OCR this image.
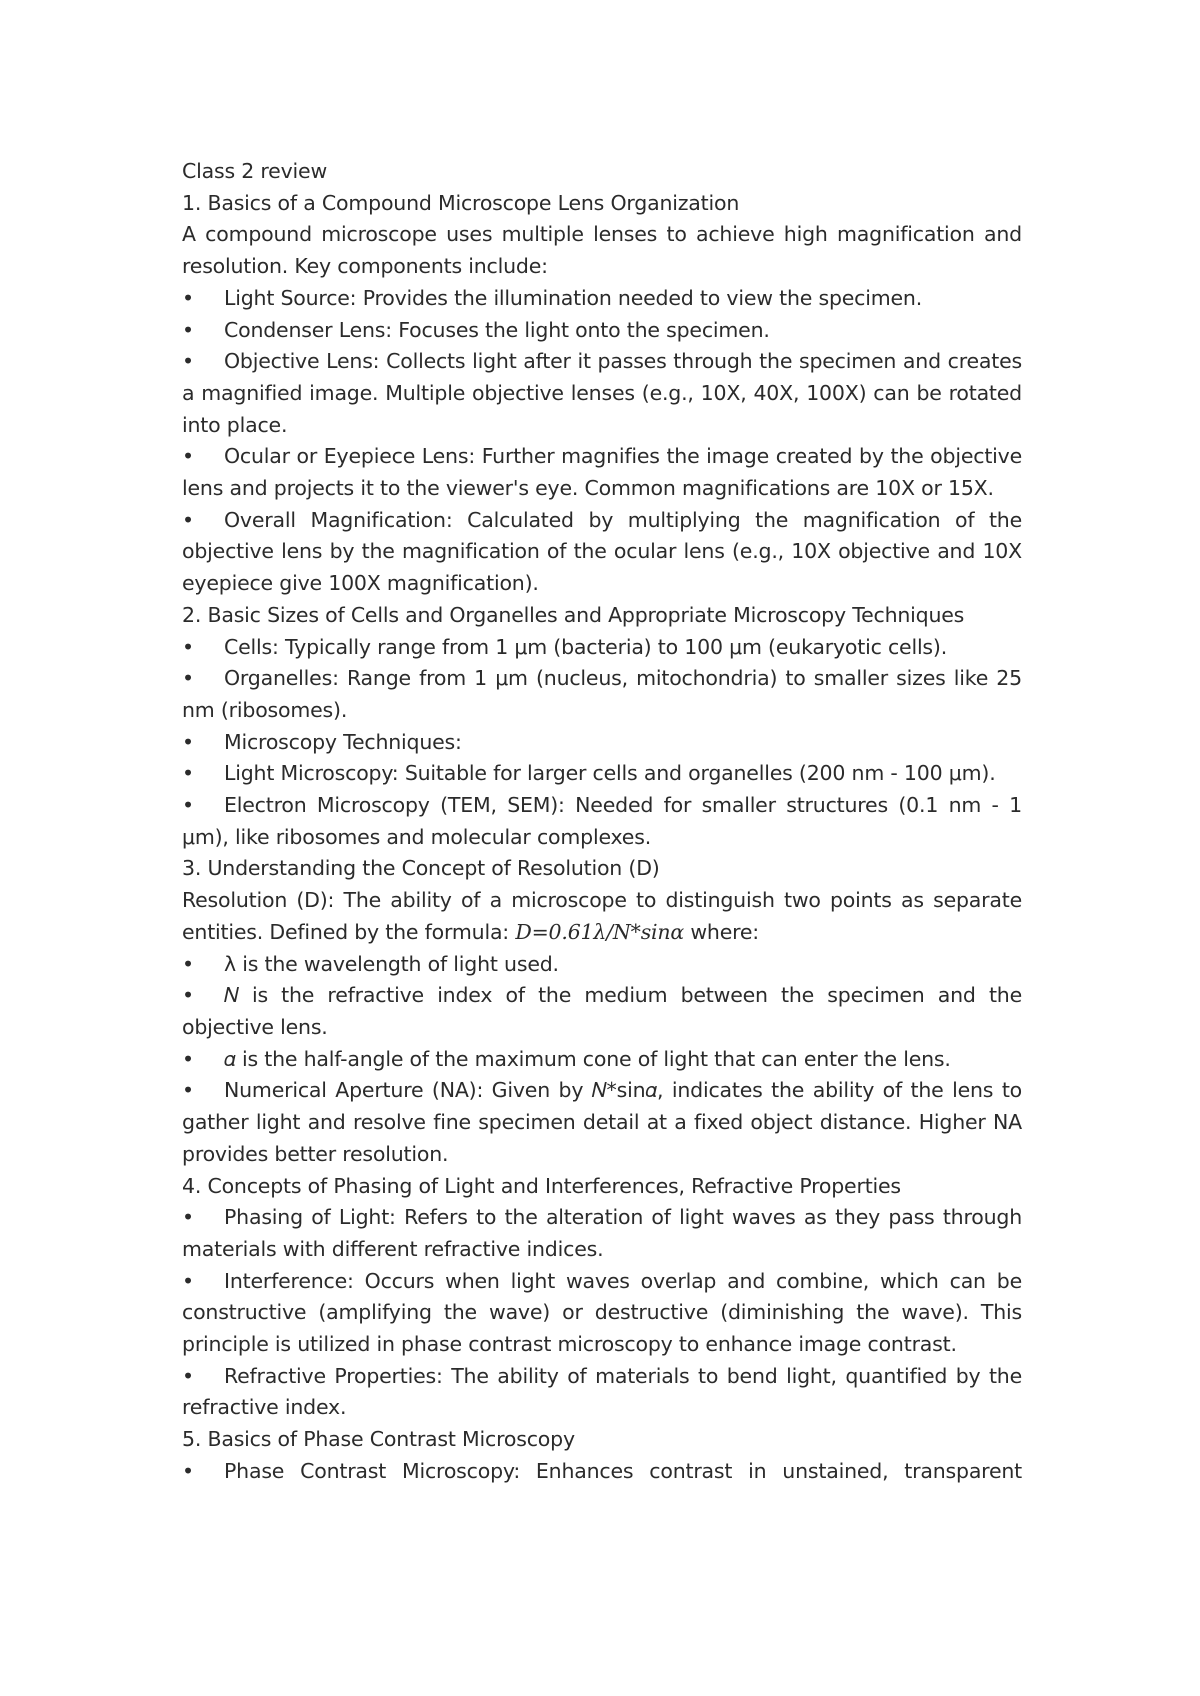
Class 2 review
1. Basics of a Compound Microscope Lens Organization
A compound microscope uses multiple lenses to achieve high magnification and resolution. Key components include:
• Light Source: Provides the illumination needed to view the specimen.
• Condenser Lens: Focuses the light onto the specimen.
• Objective Lens: Collects light after it passes through the specimen and creates a magnified image. Multiple objective lenses (e.g., 10X, 40X, 100X) can be rotated into place.
• Ocular or Eyepiece Lens: Further magnifies the image created by the objective lens and projects it to the viewer's eye. Common magnifications are 10X or 15X.
• Overall Magnification: Calculated by multiplying the magnification of the objective lens by the magnification of the ocular lens (e.g., 10X objective and 10X eyepiece give 100X magnification).
2. Basic Sizes of Cells and Organelles and Appropriate Microscopy Techniques
• Cells: Typically range from 1 μm (bacteria) to 100 μm (eukaryotic cells).
• Organelles: Range from 1 μm (nucleus, mitochondria) to smaller sizes like 25 nm (ribosomes).
• Microscopy Techniques:
• Light Microscopy: Suitable for larger cells and organelles (200 nm - 100 μm).
• Electron Microscopy (TEM, SEM): Needed for smaller structures (0.1 nm - 1 μm), like ribosomes and molecular complexes.
3. Understanding the Concept of Resolution (D)
Resolution (D): The ability of a microscope to distinguish two points as separate entities. Defined by the formula: 𝐷=0.61𝜆/𝑁*sin𝛼 where:
• λ is the wavelength of light used.
• 𝑁 is the refractive index of the medium between the specimen and the objective lens.
• 𝛼 is the half-angle of the maximum cone of light that can enter the lens.
• Numerical Aperture (NA): Given by 𝑁*sin𝛼, indicates the ability of the lens to gather light and resolve fine specimen detail at a fixed object distance. Higher NA provides better resolution.
4. Concepts of Phasing of Light and Interferences, Refractive Properties
• Phasing of Light: Refers to the alteration of light waves as they pass through materials with different refractive indices.
• Interference: Occurs when light waves overlap and combine, which can be constructive (amplifying the wave) or destructive (diminishing the wave). This principle is utilized in phase contrast microscopy to enhance image contrast.
• Refractive Properties: The ability of materials to bend light, quantified by the refractive index.
5. Basics of Phase Contrast Microscopy
• Phase Contrast Microscopy: Enhances contrast in unstained, transparent
